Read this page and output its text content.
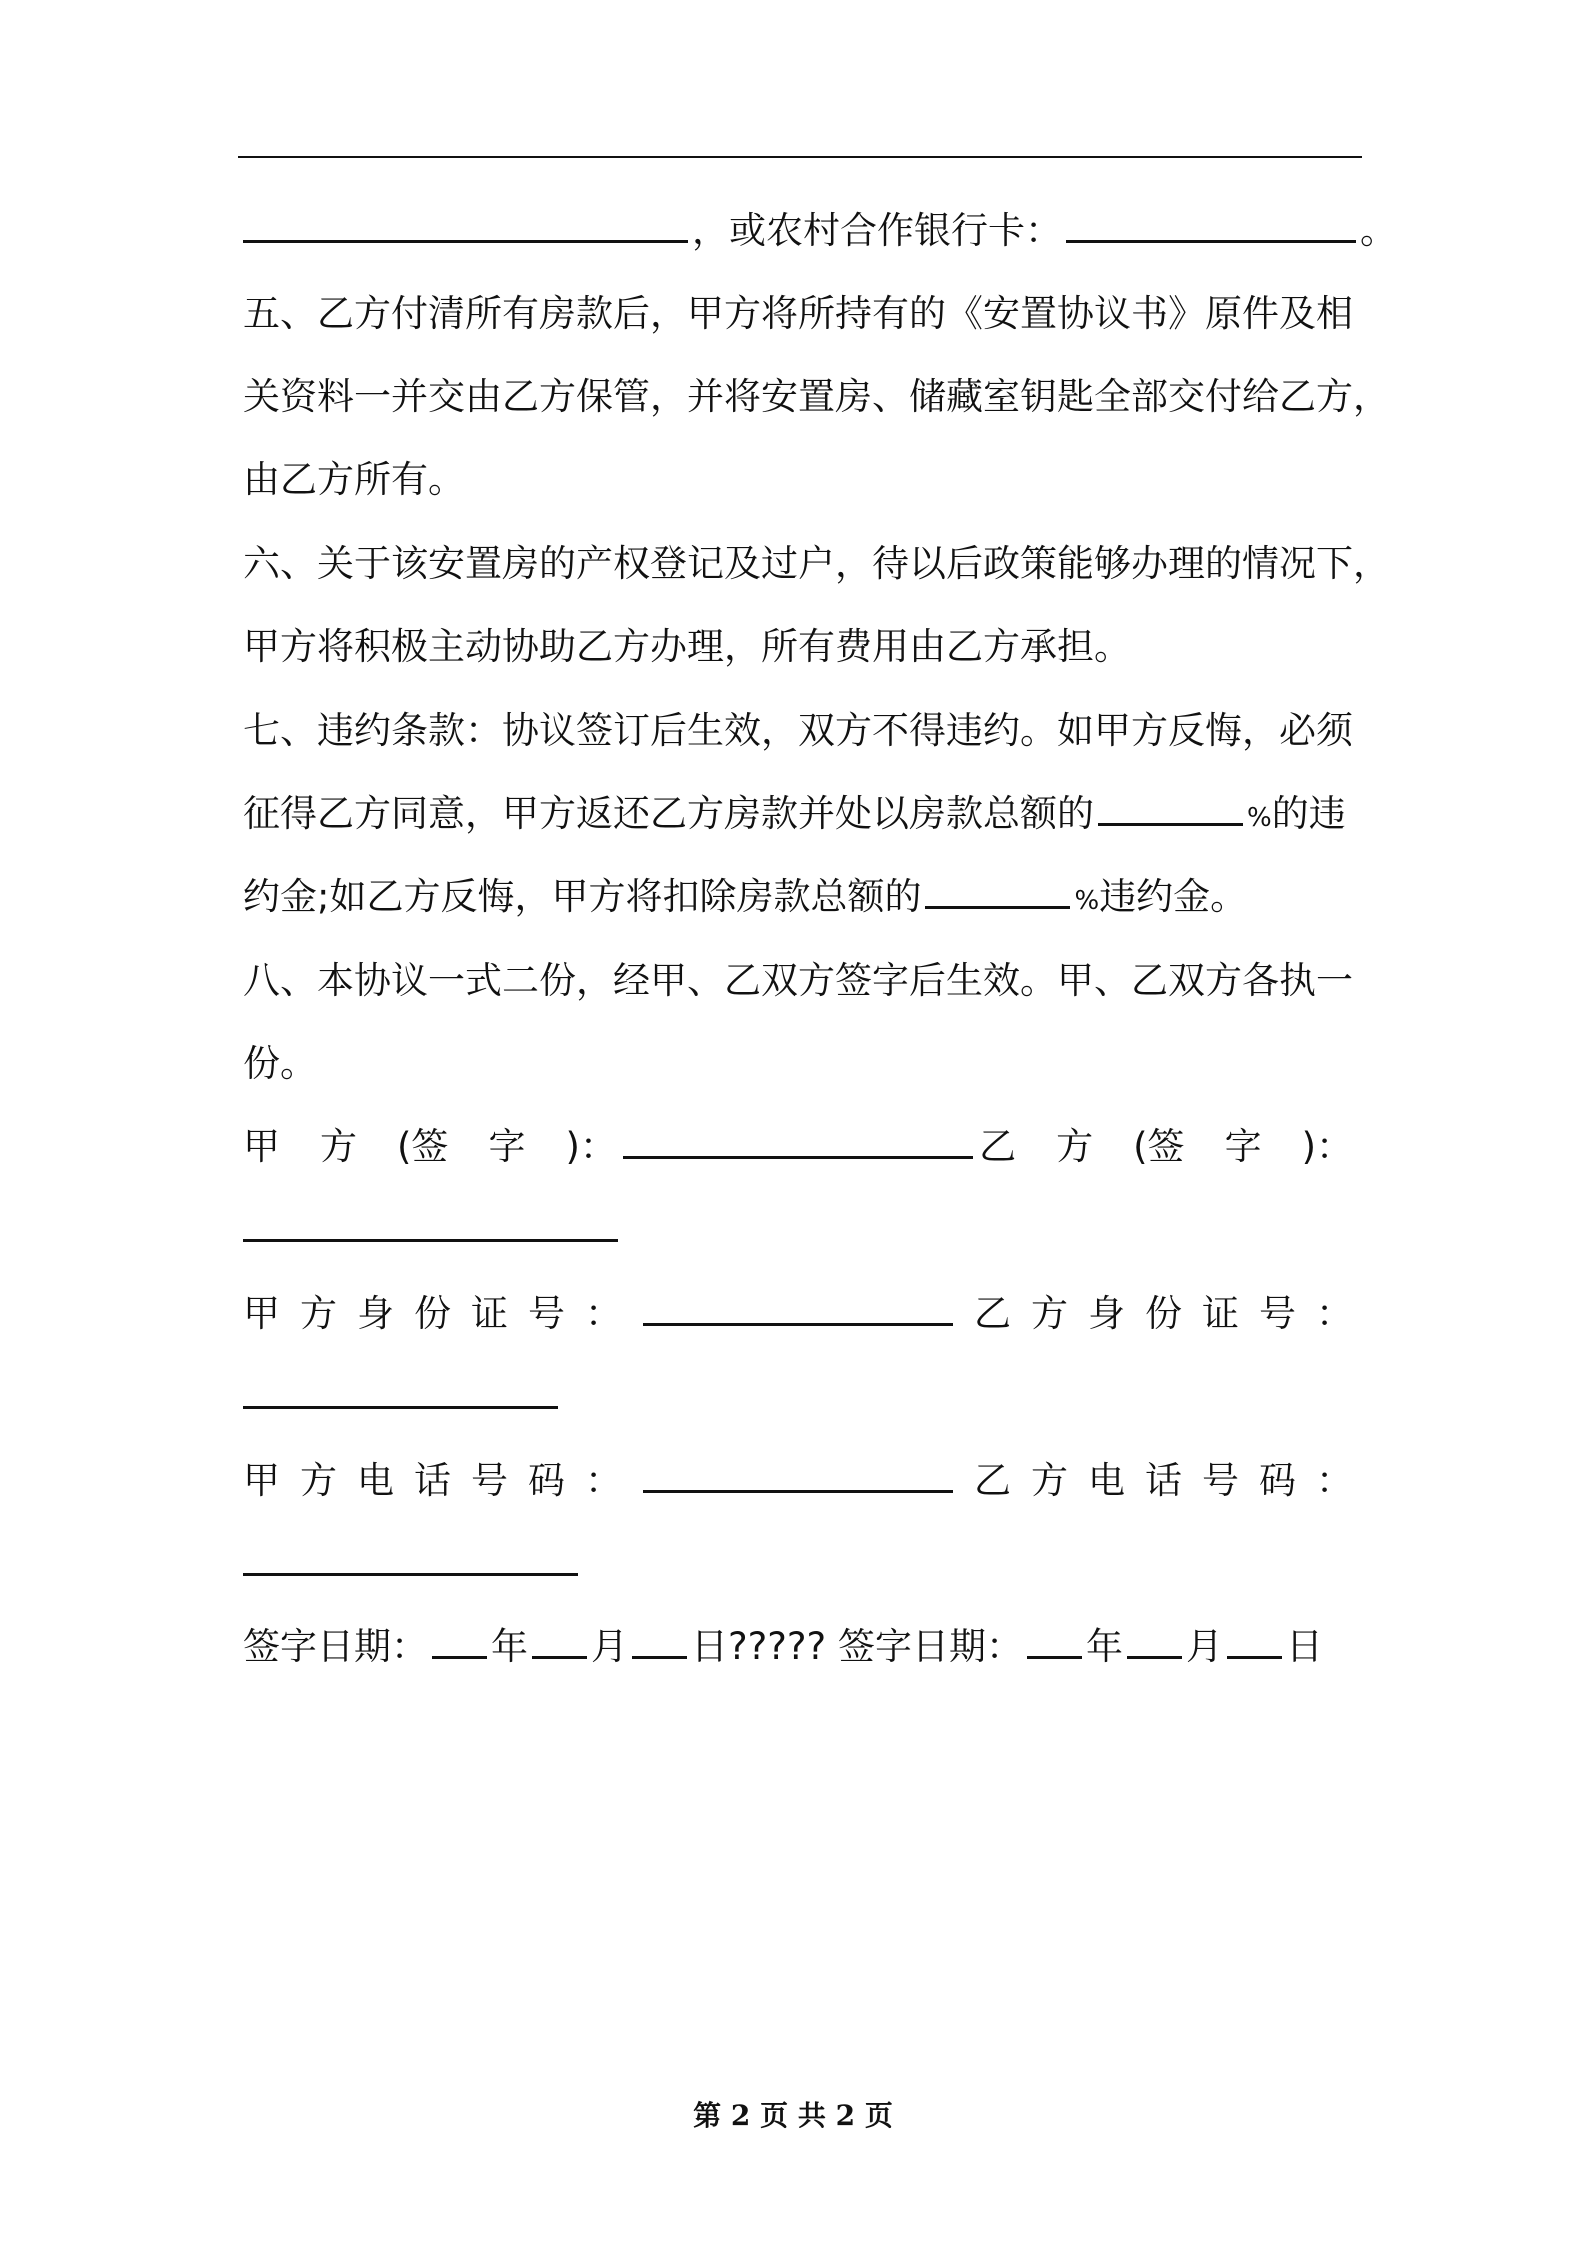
，或农村合作银行卡：	。
五、乙方付清所有房款后，甲方将所持有的《安置协议书》原件及相
关资料一并交由乙方保管，并将安置房、储藏室钥匙全部交付给乙方，
由乙方所有。
六、关于该安置房的产权登记及过户，待以后政策能够办理的情况下，
甲方将积极主动协助乙方办理，所有费用由乙方承担。
七、违约条款：协议签订后生效，双方不得违约。如甲方反悔，必须
征得乙方同意，甲方返还乙方房款并处以房款总额的	%的违
约金;如乙方反悔，甲方将扣除房款总额的	%违约金。
八、本协议一式二份，经甲、乙双方签字后生效。甲、乙双方各执一
份。
甲 方 (签 字 )：	乙 方 (签 字 )：
甲 方 身 份 证 号 ：	乙 方 身 份 证 号 ：
甲 方 电 话 号 码 ：	乙 方 电 话 号 码 ：
签字日期： 年 月 日????? 签字日期： 年 月 日
第 2 页 共 2 页
